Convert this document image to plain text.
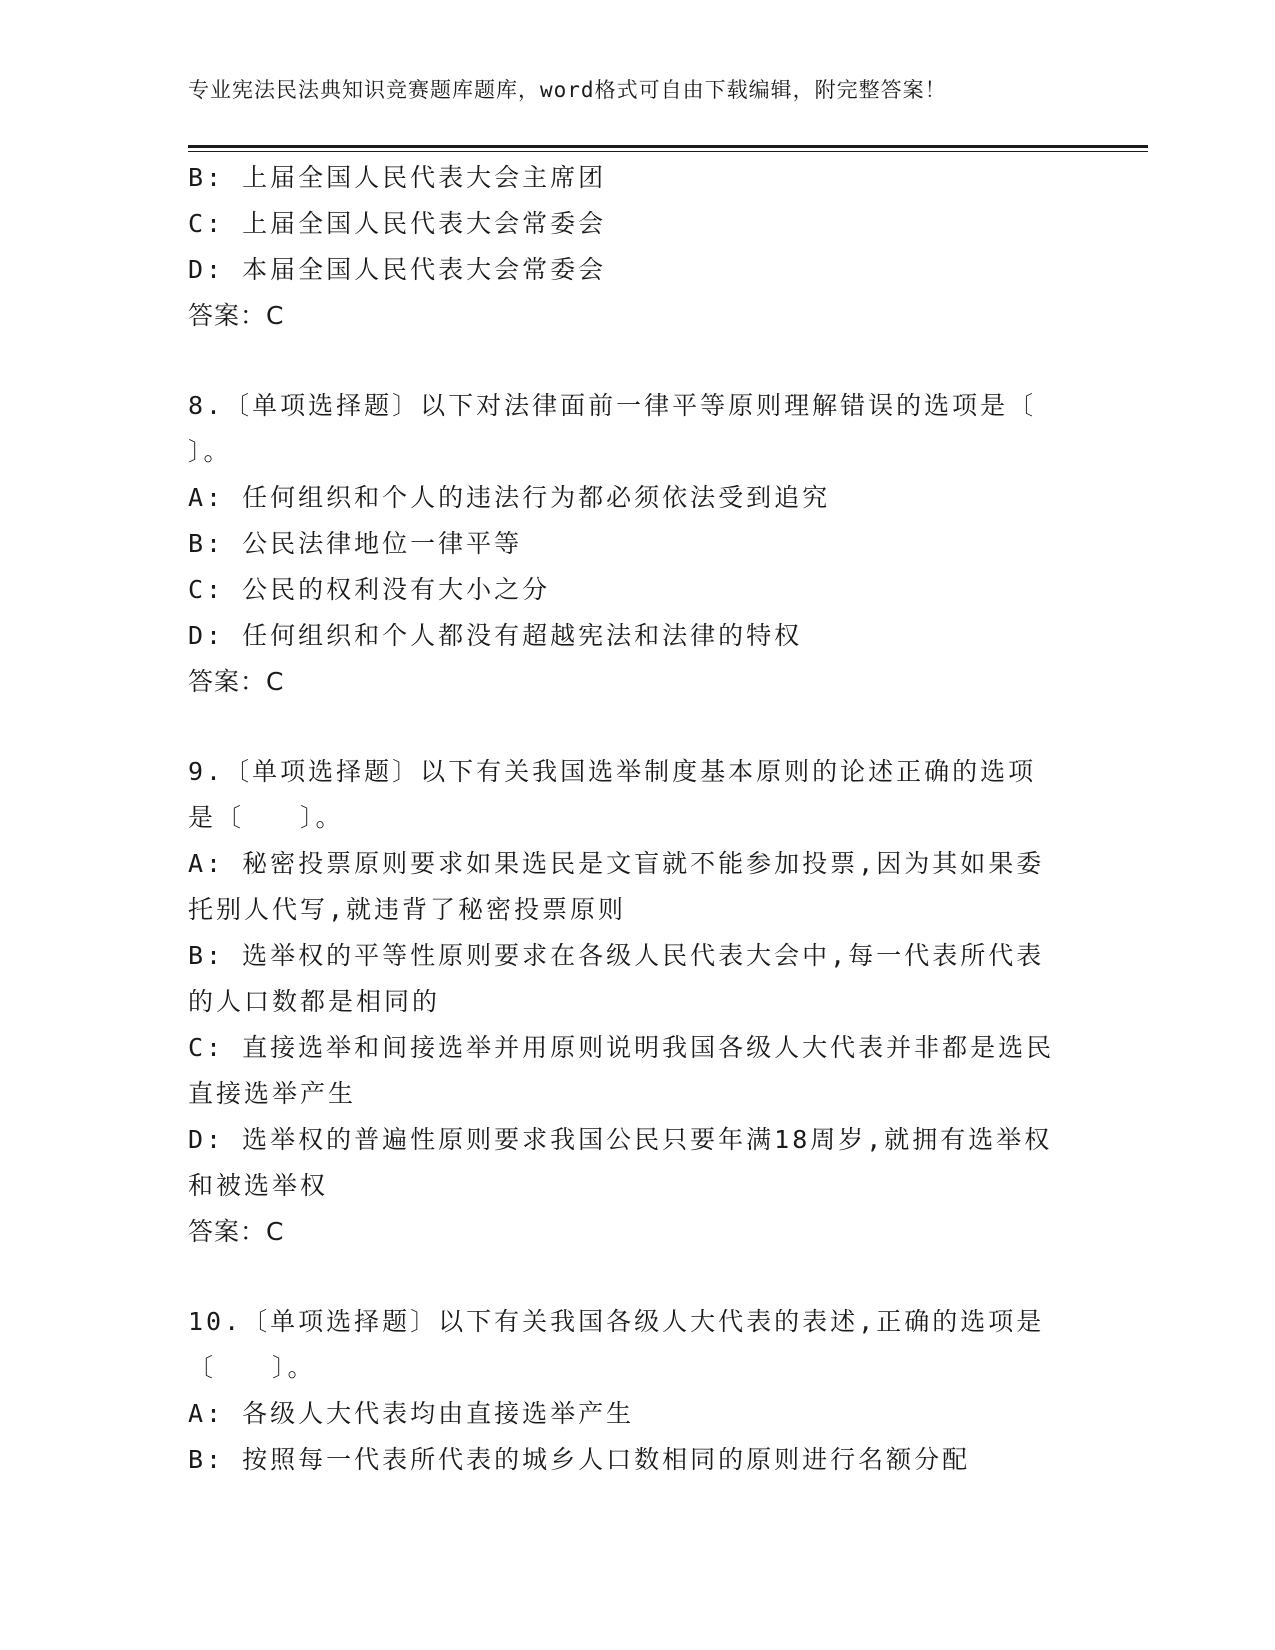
专业宪法民法典知识竞赛题库题库，word格式可自由下载编辑，附完整答案！
B: 上届全国人民代表大会主席团
C: 上届全国人民代表大会常委会
D: 本届全国人民代表大会常委会
答案：C
8.〔单项选择题〕以下对法律面前一律平等原则理解错误的选项是〔
〕。
A: 任何组织和个人的违法行为都必须依法受到追究
B: 公民法律地位一律平等
C: 公民的权利没有大小之分
D: 任何组织和个人都没有超越宪法和法律的特权
答案：C
9.〔单项选择题〕以下有关我国选举制度基本原则的论述正确的选项
是〔　　〕。
A: 秘密投票原则要求如果选民是文盲就不能参加投票,因为其如果委
托别人代写,就违背了秘密投票原则
B: 选举权的平等性原则要求在各级人民代表大会中,每一代表所代表
的人口数都是相同的
C: 直接选举和间接选举并用原则说明我国各级人大代表并非都是选民
直接选举产生
D: 选举权的普遍性原则要求我国公民只要年满18周岁,就拥有选举权
和被选举权
答案：C
10.〔单项选择题〕以下有关我国各级人大代表的表述,正确的选项是
〔　　〕。
A: 各级人大代表均由直接选举产生
B: 按照每一代表所代表的城乡人口数相同的原则进行名额分配
